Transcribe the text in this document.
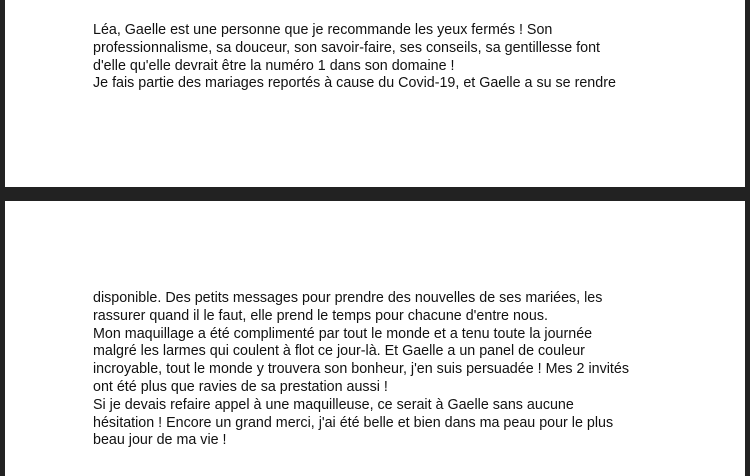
Léa, Gaelle est une personne que je recommande les yeux fermés ! Son
professionnalisme, sa douceur, son savoir-faire, ses conseils, sa gentillesse font
d'elle qu'elle devrait être la numéro 1 dans son domaine !
Je fais partie des mariages reportés à cause du Covid-19, et Gaelle a su se rendre
disponible. Des petits messages pour prendre des nouvelles de ses mariées, les
rassurer quand il le faut, elle prend le temps pour chacune d'entre nous.
Mon maquillage a été complimenté par tout le monde et a tenu toute la journée
malgré les larmes qui coulent à flot ce jour-là. Et Gaelle a un panel de couleur
incroyable, tout le monde y trouvera son bonheur, j'en suis persuadée ! Mes 2 invités
ont été plus que ravies de sa prestation aussi !
Si je devais refaire appel à une maquilleuse, ce serait à Gaelle sans aucune
hésitation ! Encore un grand merci, j'ai été belle et bien dans ma peau pour le plus
beau jour de ma vie !
